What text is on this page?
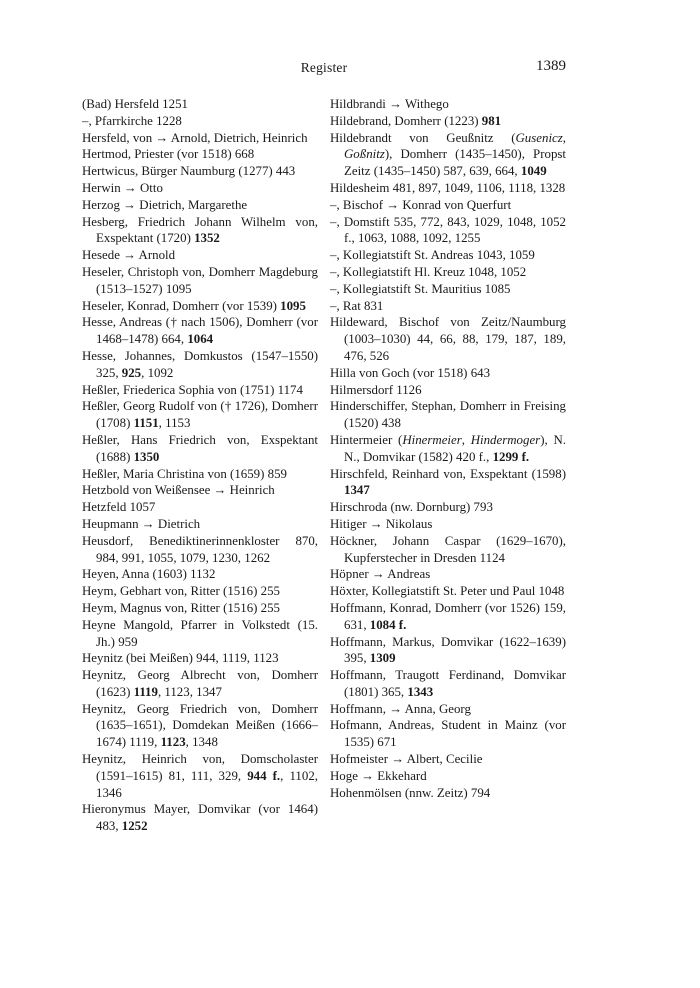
Register	1389
(Bad) Hersfeld 1251
–, Pfarrkirche 1228
Hersfeld, von → Arnold, Dietrich, Heinrich
Hertmod, Priester (vor 1518) 668
Hertwicus, Bürger Naumburg (1277) 443
Herwin → Otto
Herzog → Dietrich, Margarethe
Hesberg, Friedrich Johann Wilhelm von, Exspektant (1720) 1352
Hesede → Arnold
Heseler, Christoph von, Domherr Magdeburg (1513–1527) 1095
Heseler, Konrad, Domherr (vor 1539) 1095
Hesse, Andreas († nach 1506), Domherr (vor 1468–1478) 664, 1064
Hesse, Johannes, Domkustos (1547–1550) 325, 925, 1092
Heßler, Friederica Sophia von (1751) 1174
Heßler, Georg Rudolf von († 1726), Domherr (1708) 1151, 1153
Heßler, Hans Friedrich von, Exspektant (1688) 1350
Heßler, Maria Christina von (1659) 859
Hetzbold von Weißensee → Heinrich
Hetzfeld 1057
Heupmann → Dietrich
Heusdorf, Benediktinerinnenkloster 870, 984, 991, 1055, 1079, 1230, 1262
Heyen, Anna (1603) 1132
Heym, Gebhart von, Ritter (1516) 255
Heym, Magnus von, Ritter (1516) 255
Heyne Mangold, Pfarrer in Volkstedt (15. Jh.) 959
Heynitz (bei Meißen) 944, 1119, 1123
Heynitz, Georg Albrecht von, Domherr (1623) 1119, 1123, 1347
Heynitz, Georg Friedrich von, Domherr (1635–1651), Domdekan Meißen (1666–1674) 1119, 1123, 1348
Heynitz, Heinrich von, Domscholaster (1591–1615) 81, 111, 329, 944 f., 1102, 1346
Hieronymus Mayer, Domvikar (vor 1464) 483, 1252
Hildbrandi → Withego
Hildebrand, Domherr (1223) 981
Hildebrandt von Geußnitz (Gusenicz, Goßnitz), Domherr (1435–1450), Propst Zeitz (1435–1450) 587, 639, 664, 1049
Hildesheim 481, 897, 1049, 1106, 1118, 1328
–, Bischof → Konrad von Querfurt
–, Domstift 535, 772, 843, 1029, 1048, 1052 f., 1063, 1088, 1092, 1255
–, Kollegiatstift St. Andreas 1043, 1059
–, Kollegiatstift Hl. Kreuz 1048, 1052
–, Kollegiatstift St. Mauritius 1085
–, Rat 831
Hildeward, Bischof von Zeitz/Naumburg (1003–1030) 44, 66, 88, 179, 187, 189, 476, 526
Hilla von Goch (vor 1518) 643
Hilmersdorf 1126
Hinderschiffer, Stephan, Domherr in Freising (1520) 438
Hintermeier (Hinermeier, Hindermoger), N. N., Domvikar (1582) 420 f., 1299 f.
Hirschfeld, Reinhard von, Exspektant (1598) 1347
Hirschroda (nw. Dornburg) 793
Hitiger → Nikolaus
Höckner, Johann Caspar (1629–1670), Kupferstecher in Dresden 1124
Höpner → Andreas
Höxter, Kollegiatstift St. Peter und Paul 1048
Hoffmann, Konrad, Domherr (vor 1526) 159, 631, 1084 f.
Hoffmann, Markus, Domvikar (1622–1639) 395, 1309
Hoffmann, Traugott Ferdinand, Domvikar (1801) 365, 1343
Hoffmann, → Anna, Georg
Hofmann, Andreas, Student in Mainz (vor 1535) 671
Hofmeister → Albert, Cecilie
Hoge → Ekkehard
Hohenmölsen (nnw. Zeitz) 794
